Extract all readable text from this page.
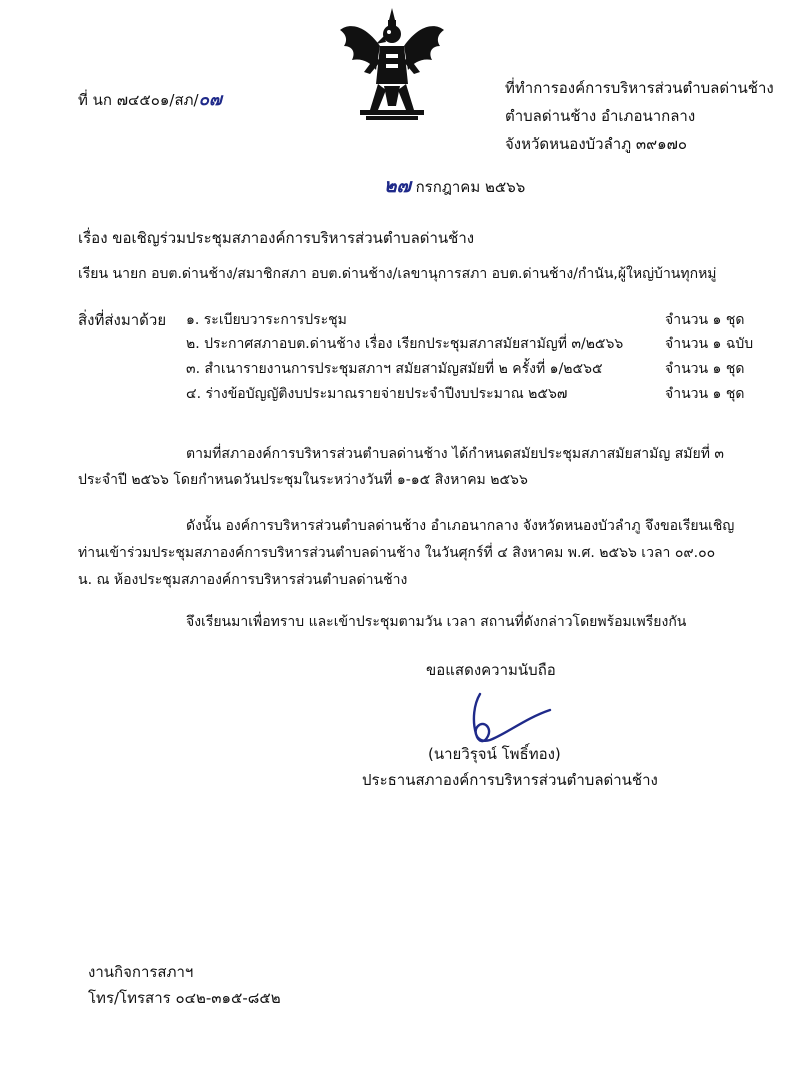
ที่ นก ๗๔๕๐๑/สภ/๐๗
ที่ทำการองค์การบริหารส่วนตำบลด่านช้าง
ตำบลด่านช้าง อำเภอนากลาง
จังหวัดหนองบัวลำภู ๓๙๑๗๐
๒๗ กรกฎาคม ๒๕๖๖
เรื่อง ขอเชิญร่วมประชุมสภาองค์การบริหารส่วนตำบลด่านช้าง
เรียน นายก อบต.ด่านช้าง/สมาชิกสภา อบต.ด่านช้าง/เลขานุการสภา อบต.ด่านช้าง/กำนัน,ผู้ใหญ่บ้านทุกหมู่
สิ่งที่ส่งมาด้วย ๑. ระเบียบวาระการประชุม	จำนวน ๑ ชุด
๒. ประกาศสภาอบต.ด่านช้าง เรื่อง เรียกประชุมสภาสมัยสามัญที่ ๓/๒๕๖๖	จำนวน ๑ ฉบับ
๓. สำเนารายงานการประชุมสภาฯ สมัยสามัญสมัยที่ ๒ ครั้งที่ ๑/๒๕๖๕	จำนวน ๑ ชุด
๔. ร่างข้อบัญญัติงบประมาณรายจ่ายประจำปีงบประมาณ ๒๕๖๗	จำนวน ๑ ชุด
ตามที่สภาองค์การบริหารส่วนตำบลด่านช้าง ได้กำหนดสมัยประชุมสภาสมัยสามัญ สมัยที่ ๓
ประจำปี ๒๕๖๖ โดยกำหนดวันประชุมในระหว่างวันที่ ๑-๑๕ สิงหาคม ๒๕๖๖
ดังนั้น องค์การบริหารส่วนตำบลด่านช้าง อำเภอนากลาง จังหวัดหนองบัวลำภู จึงขอเรียนเชิญ
ท่านเข้าร่วมประชุมสภาองค์การบริหารส่วนตำบลด่านช้าง ในวันศุกร์ที่ ๔ สิงหาคม พ.ศ. ๒๕๖๖ เวลา ๐๙.๐๐
น. ณ ห้องประชุมสภาองค์การบริหารส่วนตำบลด่านช้าง
จึงเรียนมาเพื่อทราบ และเข้าประชุมตามวัน เวลา สถานที่ดังกล่าวโดยพร้อมเพรียงกัน
ขอแสดงความนับถือ
(นายวิรุจน์ โพธิ์ทอง)
ประธานสภาองค์การบริหารส่วนตำบลด่านช้าง
งานกิจการสภาฯ
โทร/โทรสาร ๐๔๒-๓๑๕-๘๕๒
